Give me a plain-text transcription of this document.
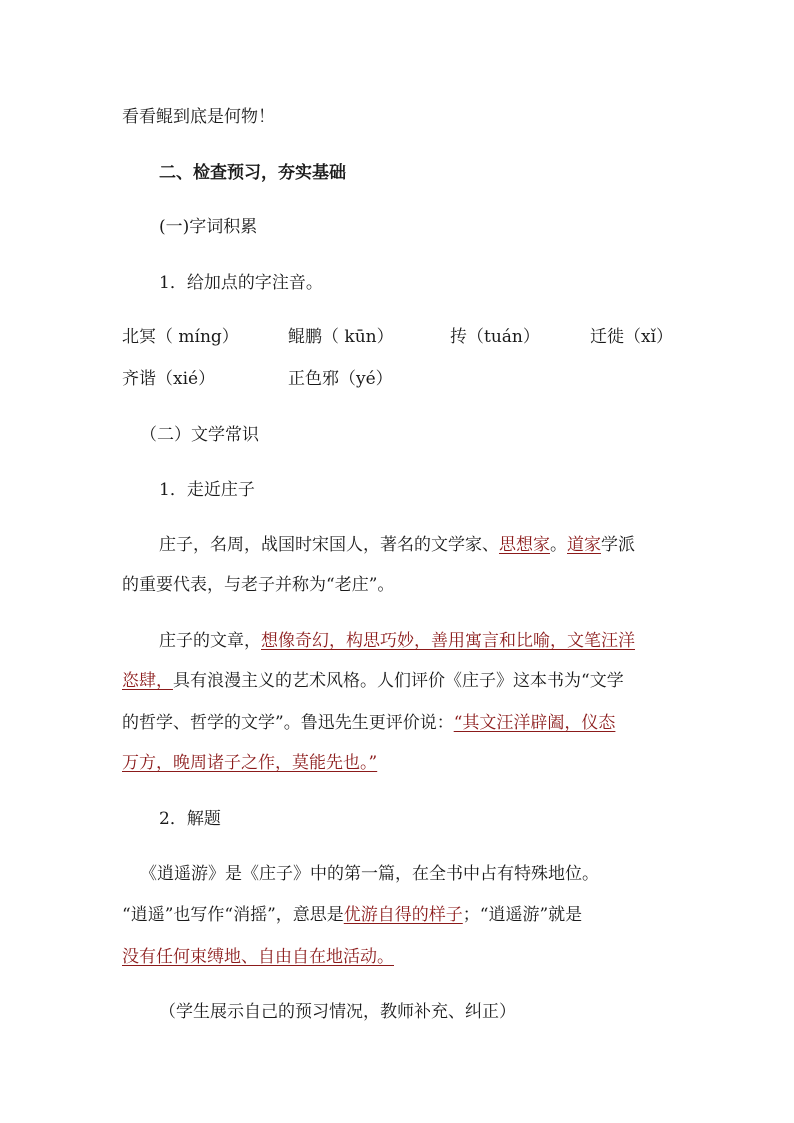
看看鲲到底是何物！
二、检查预习，夯实基础
(一)字词积累
1．给加点的字注音。
北冥（ míng）	鲲鹏（ kūn）	抟（tuán）	迁徙（xǐ）
齐谐（xié）	正色邪（yé）
（二）文学常识
1．走近庄子
庄子，名周，战国时宋国人，著名的文学家、思想家。道家学派
的重要代表，与老子并称为“老庄”。
庄子的文章，想像奇幻，构思巧妙，善用寓言和比喻，文笔汪洋
恣肆，具有浪漫主义的艺术风格。人们评价《庄子》这本书为“文学
的哲学、哲学的文学”。鲁迅先生更评价说：“其文汪洋辟阖，仪态
万方，晚周诸子之作，莫能先也。”
2．解题
《逍遥游》是《庄子》中的第一篇，在全书中占有特殊地位。
“逍遥”也写作“消摇”，意思是优游自得的样子；“逍遥游”就是
没有任何束缚地、自由自在地活动。
（学生展示自己的预习情况，教师补充、纠正）
